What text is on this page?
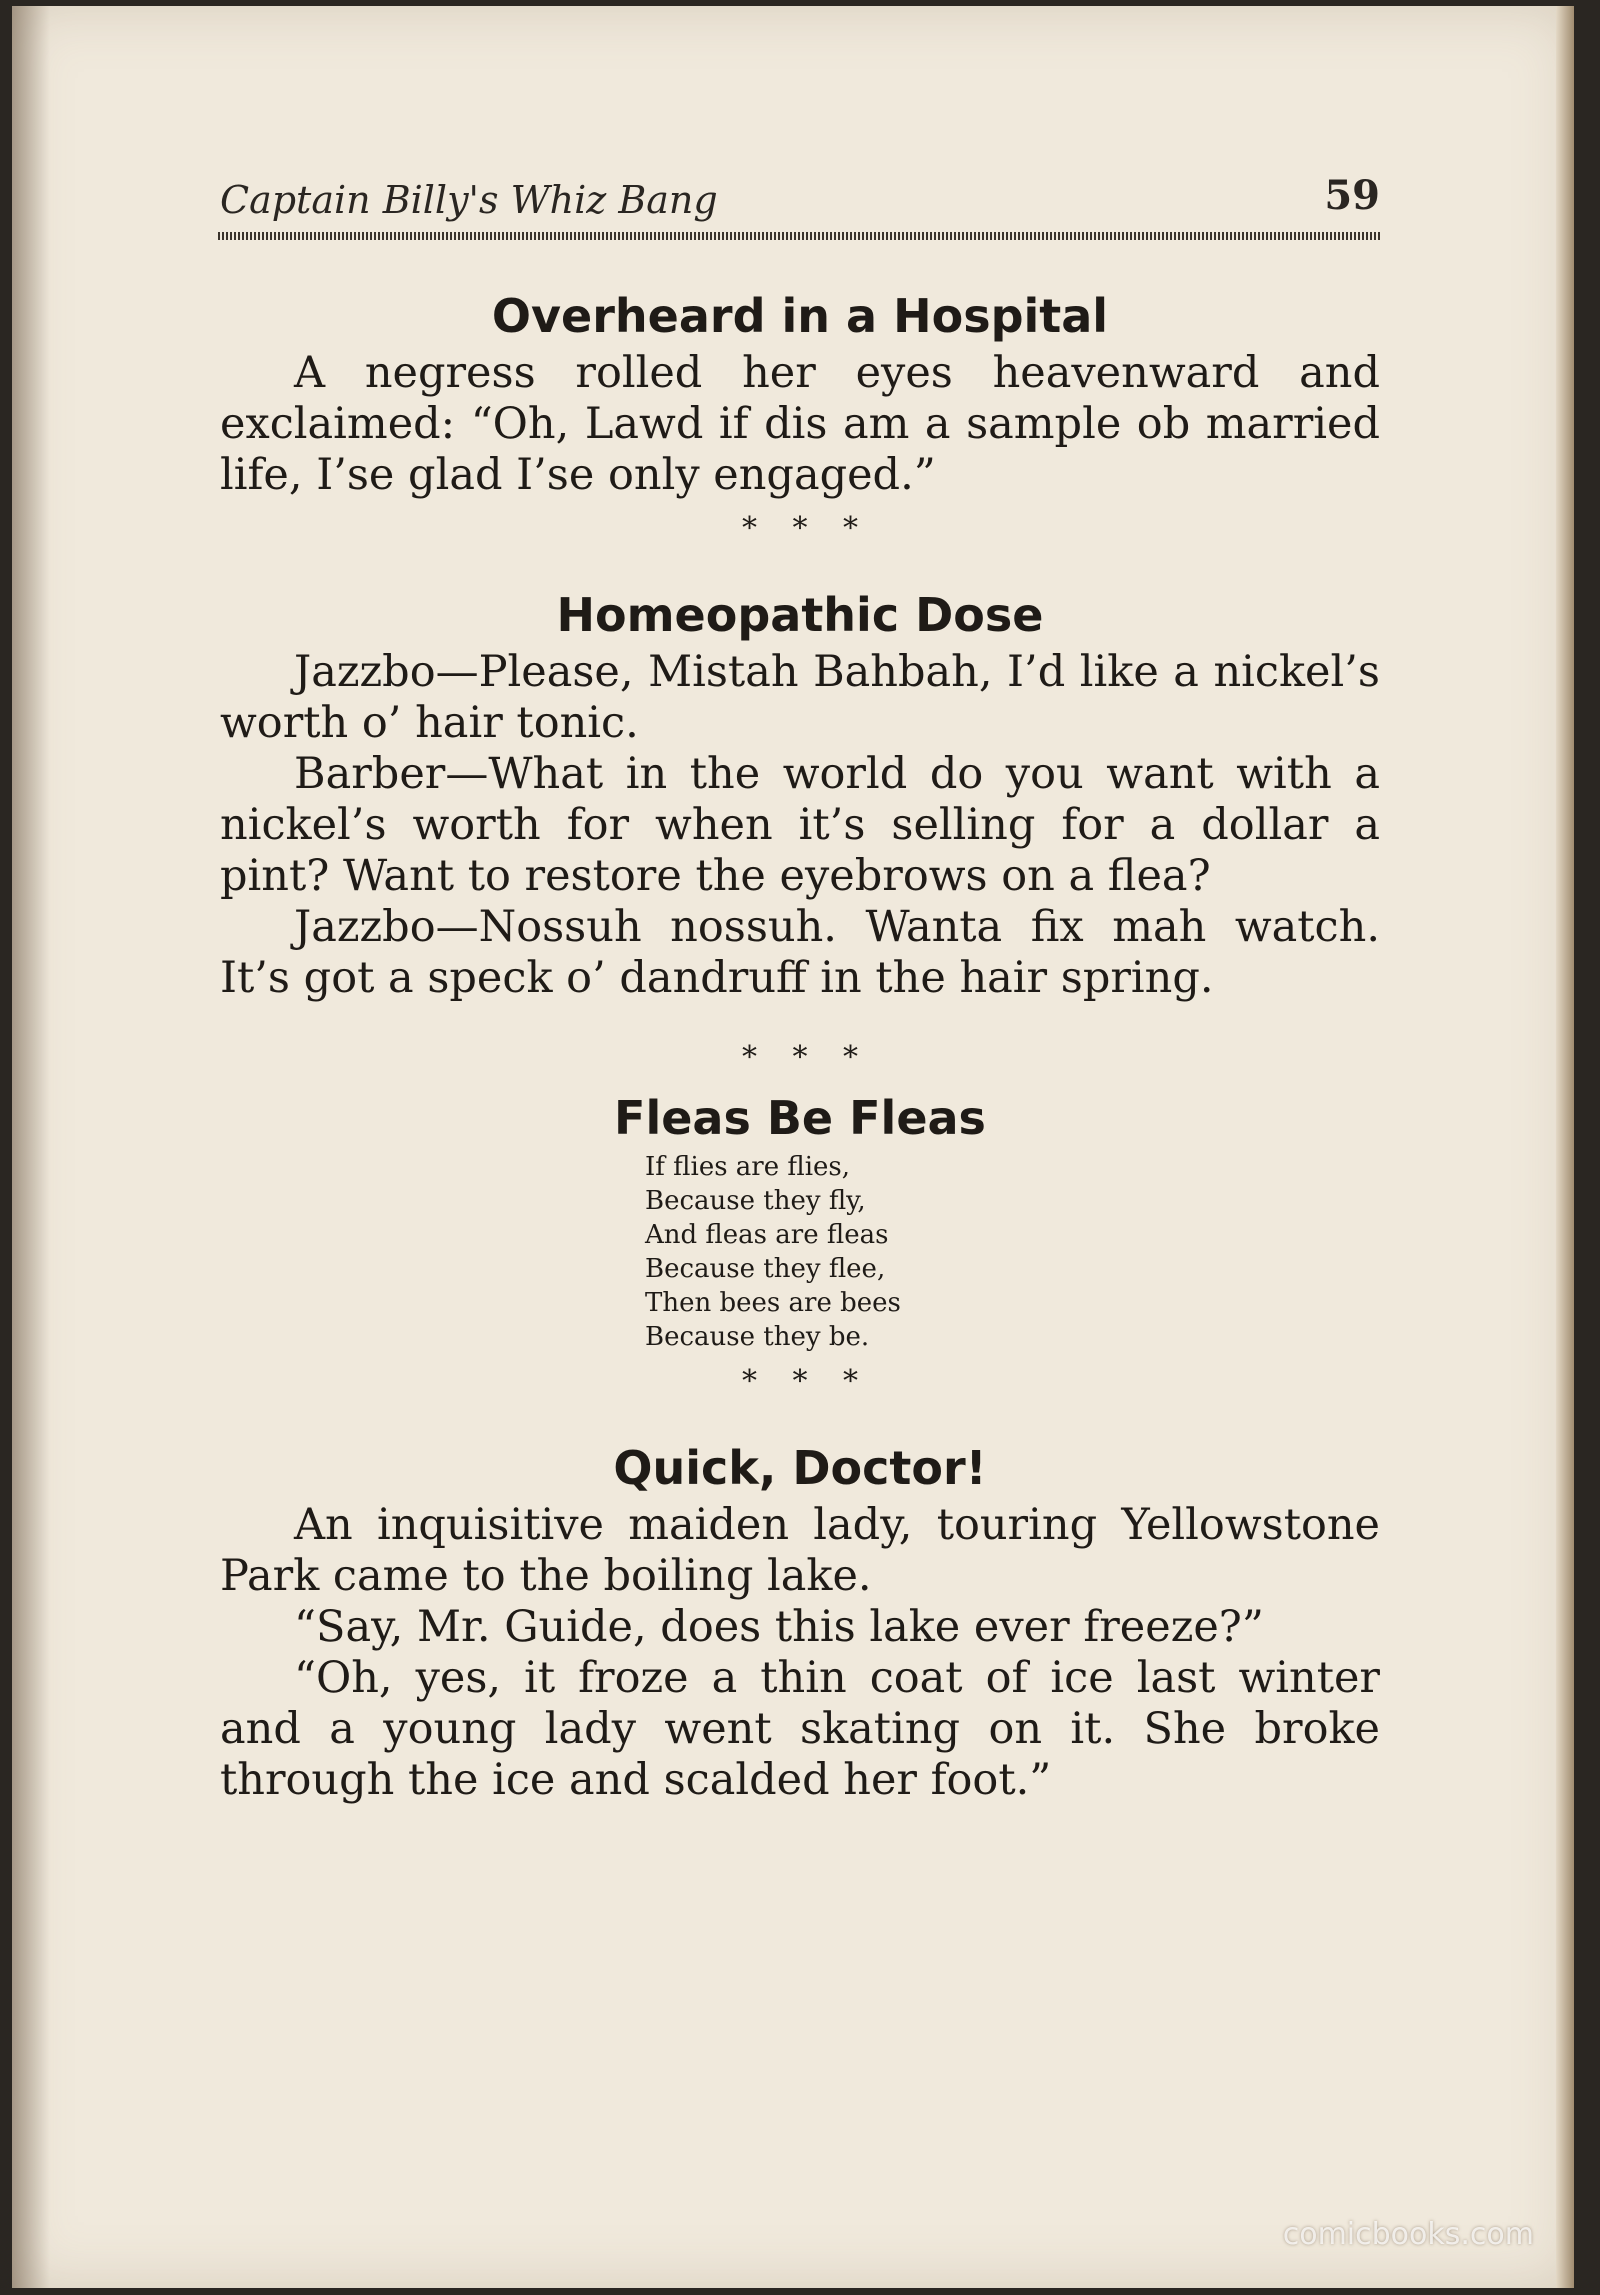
Captain Billy's Whiz Bang	59
Overheard in a Hospital

A negress rolled her eyes heavenward and exclaimed: “Oh, Lawd if dis am a sample ob married life, I’se glad I’se only engaged.”

* * *
Homeopathic Dose

Jazzbo—Please, Mistah Bahbah, I’d like a nickel’s worth o’ hair tonic.

Barber—What in the world do you want with a nickel’s worth for when it’s selling for a dollar a pint? Want to restore the eyebrows on a flea?

Jazzbo—Nossuh nossuh. Wanta fix mah watch. It’s got a speck o’ dandruff in the hair spring.

* * *
Fleas Be Fleas
If flies are flies,
Because they fly,
And fleas are fleas
Because they flee,
Then bees are bees
Because they be.
* * *
Quick, Doctor!

An inquisitive maiden lady, touring Yellowstone Park came to the boiling lake.

“Say, Mr. Guide, does this lake ever freeze?”

“Oh, yes, it froze a thin coat of ice last winter and a young lady went skating on it. She broke through the ice and scalded her foot.”

comicbooks.com
